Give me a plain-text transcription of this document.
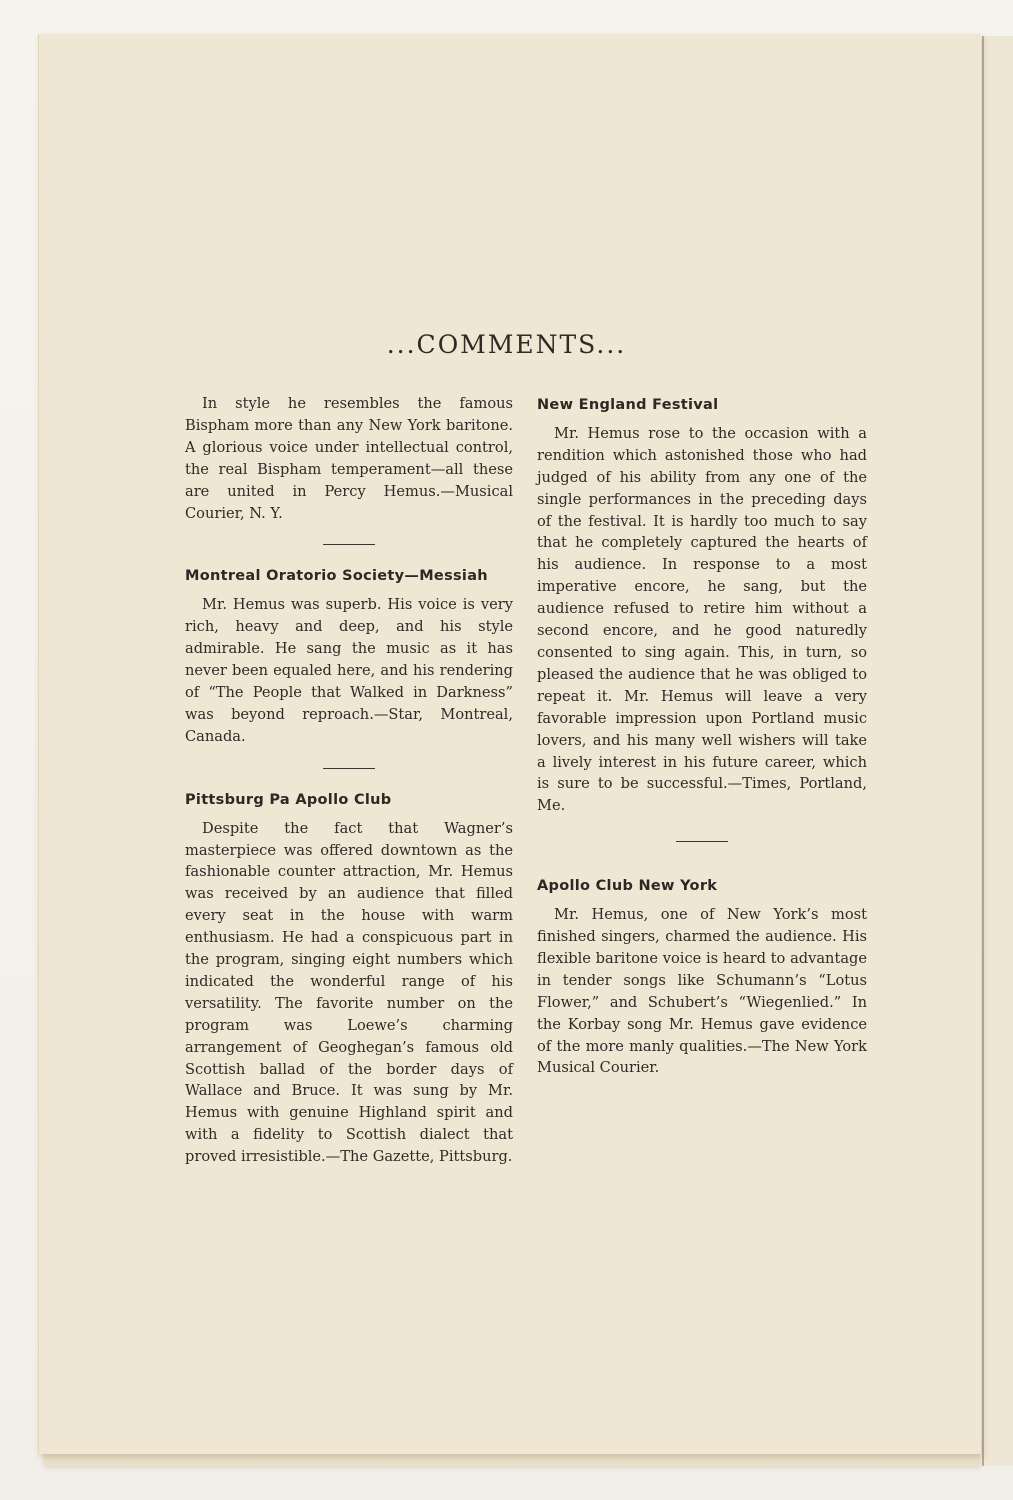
...COMMENTS...

In style he resembles the famous Bispham more than any New York baritone. A glorious voice under intellectual control, the real Bispham temperament—all these are united in Percy Hemus.—Musical Courier, N. Y.

Montreal Oratorio Society—Messiah

Mr. Hemus was superb. His voice is very rich, heavy and deep, and his style admirable. He sang the music as it has never been equaled here, and his rendering of “The People that Walked in Darkness” was beyond reproach.—Star, Montreal, Canada.

Pittsburg Pa Apollo Club

Despite the fact that Wagner’s masterpiece was offered downtown as the fashionable counter attraction, Mr. Hemus was received by an audience that filled every seat in the house with warm enthusiasm. He had a conspicuous part in the program, singing eight numbers which indicated the wonderful range of his versatility. The favorite number on the program was Loewe’s charming arrangement of Geoghegan’s famous old Scottish ballad of the border days of Wallace and Bruce. It was sung by Mr. Hemus with genuine Highland spirit and with a fidelity to Scottish dialect that proved irresistible.—The Gazette, Pittsburg.

New England Festival

Mr. Hemus rose to the occasion with a rendition which astonished those who had judged of his ability from any one of the single performances in the preceding days of the festival. It is hardly too much to say that he completely captured the hearts of his audience. In response to a most imperative encore, he sang, but the audience refused to retire him without a second encore, and he good naturedly consented to sing again. This, in turn, so pleased the audience that he was obliged to repeat it. Mr. Hemus will leave a very favorable impression upon Portland music lovers, and his many well wishers will take a lively interest in his future career, which is sure to be successful.—Times, Portland, Me.

Apollo Club New York

Mr. Hemus, one of New York’s most finished singers, charmed the audience. His flexible baritone voice is heard to advantage in tender songs like Schumann’s “Lotus Flower,” and Schubert’s “Wiegenlied.” In the Korbay song Mr. Hemus gave evidence of the more manly qualities.—The New York Musical Courier.
